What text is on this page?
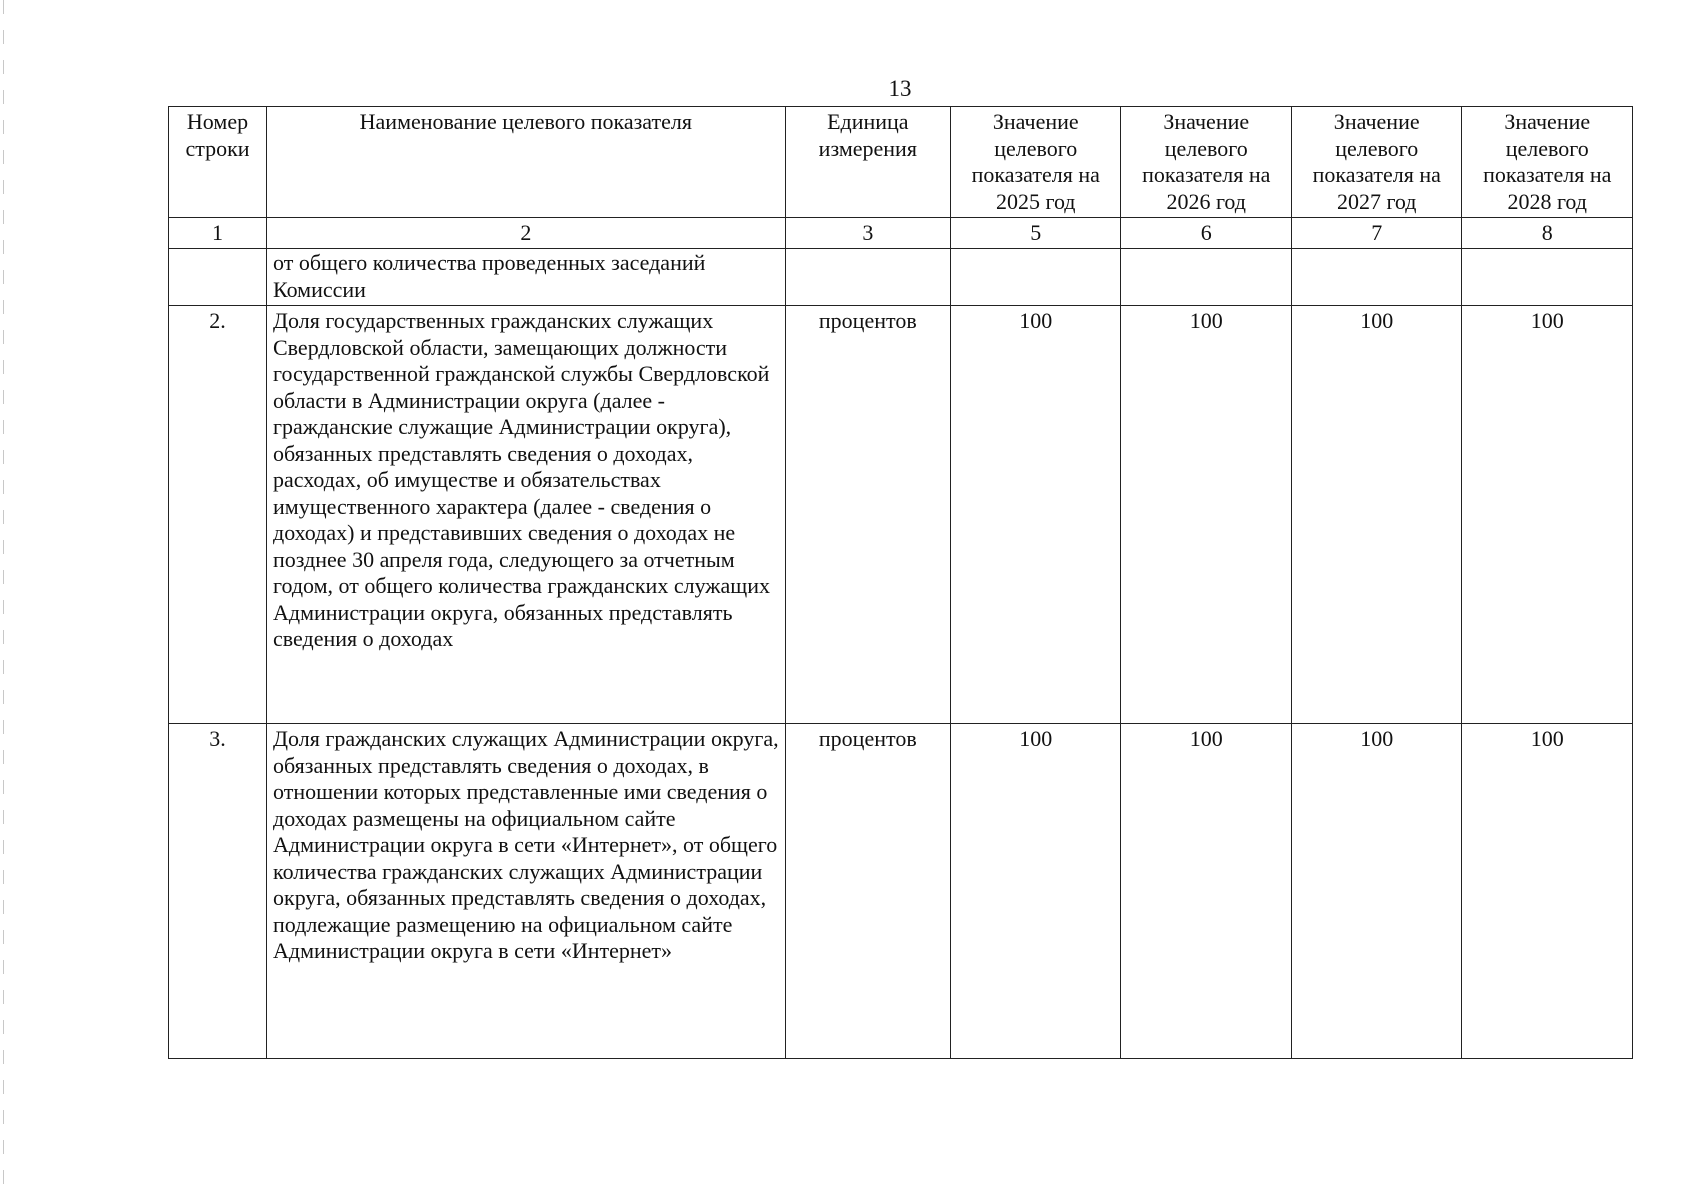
13
Номер строки	Наименование целевого показателя	Единица измерения	Значение целевого показателя на 2025 год	Значение целевого показателя на 2026 год	Значение целевого показателя на 2027 год	Значение целевого показателя на 2028 год
1	2	3	5	6	7	8
	от общего количества проведенных заседаний Комиссии					
2.	Доля государственных гражданских служащих Свердловской области, замещающих должности государственной гражданской службы Свердловской области в Администрации округа (далее - гражданские служащие Администрации округа), обязанных представлять сведения о доходах, расходах, об имуществе и обязательствах имущественного характера (далее - сведения о доходах) и представивших сведения о доходах не позднее 30 апреля года, следующего за отчетным годом, от общего количества гражданских служащих Администрации округа, обязанных представлять сведения о доходах	процентов	100	100	100	100
3.	Доля гражданских служащих Администрации округа, обязанных представлять сведения о доходах, в отношении которых представленные ими сведения о доходах размещены на официальном сайте Администрации округа в сети «Интернет», от общего количества гражданских служащих Администрации округа, обязанных представлять сведения о доходах, подлежащие размещению на официальном сайте Администрации округа в сети «Интернет»	процентов	100	100	100	100
